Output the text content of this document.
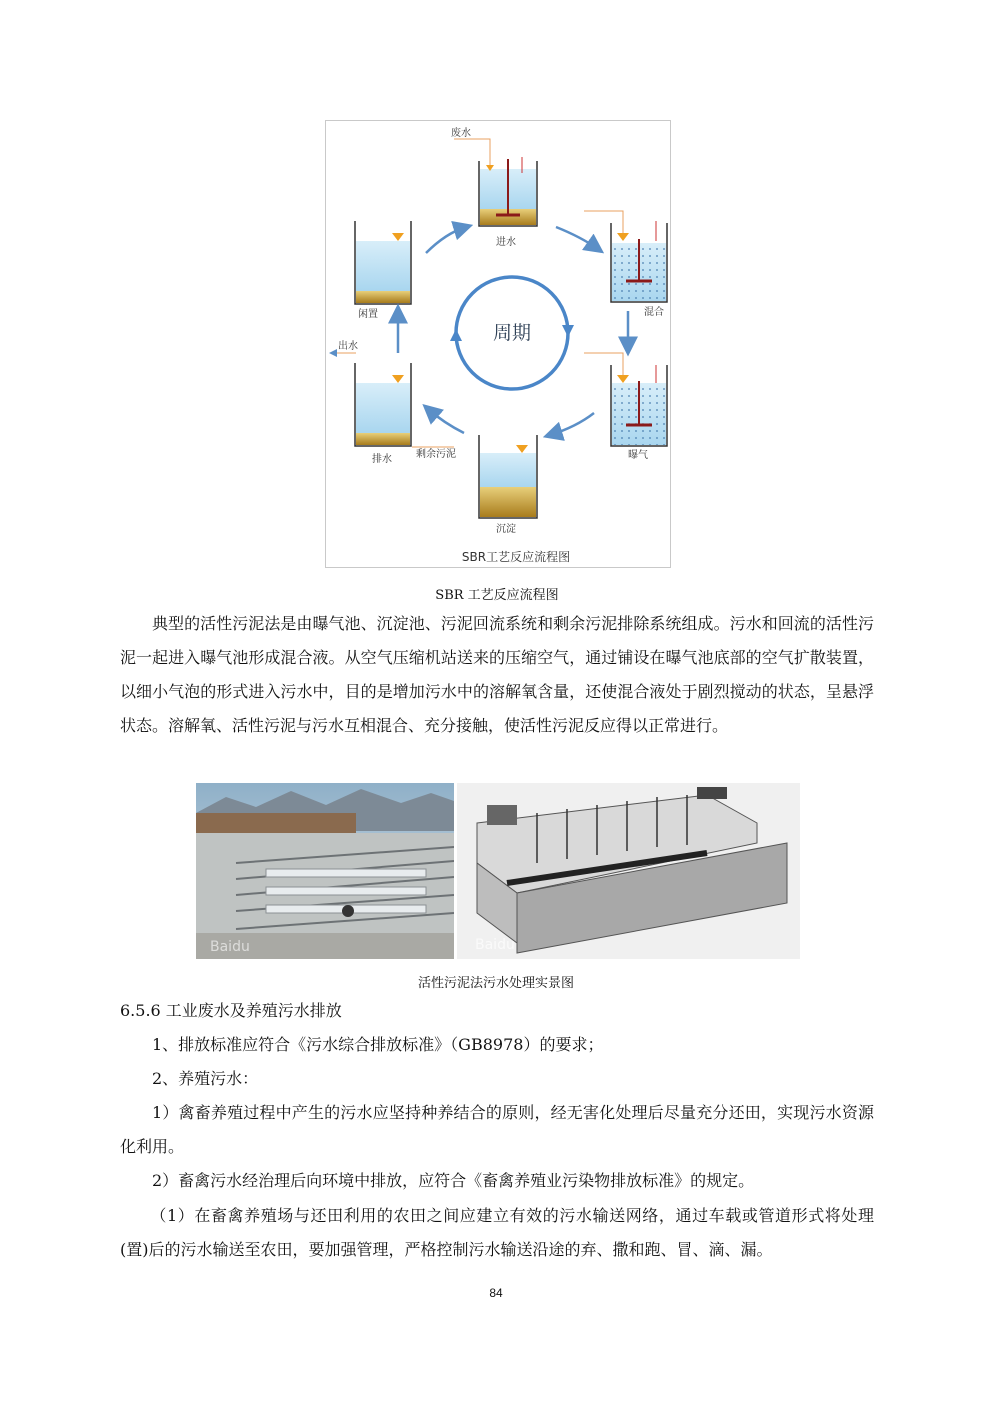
废水
进水
闲置	混合
曝气
沉淀
出水
排水 剩余污泥
周期
SBR工艺反应流程图
SBR 工艺反应流程图

典型的活性污泥法是由曝气池、沉淀池、污泥回流系统和剩余污泥排除系统组成。污水和回流的活性污泥一起进入曝气池形成混合液。从空气压缩机站送来的压缩空气，通过铺设在曝气池底部的空气扩散装置，以细小气泡的形式进入污水中，目的是增加污水中的溶解氧含量，还使混合液处于剧烈搅动的状态，呈悬浮状态。溶解氧、活性污泥与污水互相混合、充分接触，使活性污泥反应得以正常进行。

Baidu	Baidu
活性污泥法污水处理实景图
6.5.6 工业废水及养殖污水排放
1、排放标准应符合《污水综合排放标准》（GB8978）的要求；
2、养殖污水：

1）禽畜养殖过程中产生的污水应坚持种养结合的原则，经无害化处理后尽量充分还田，实现污水资源化利用。

2）畜禽污水经治理后向环境中排放，应符合《畜禽养殖业污染物排放标准》的规定。

（1）在畜禽养殖场与还田利用的农田之间应建立有效的污水输送网络，通过车载或管道形式将处理(置)后的污水输送至农田，要加强管理，严格控制污水输送沿途的弃、撒和跑、冒、滴、漏。

84
